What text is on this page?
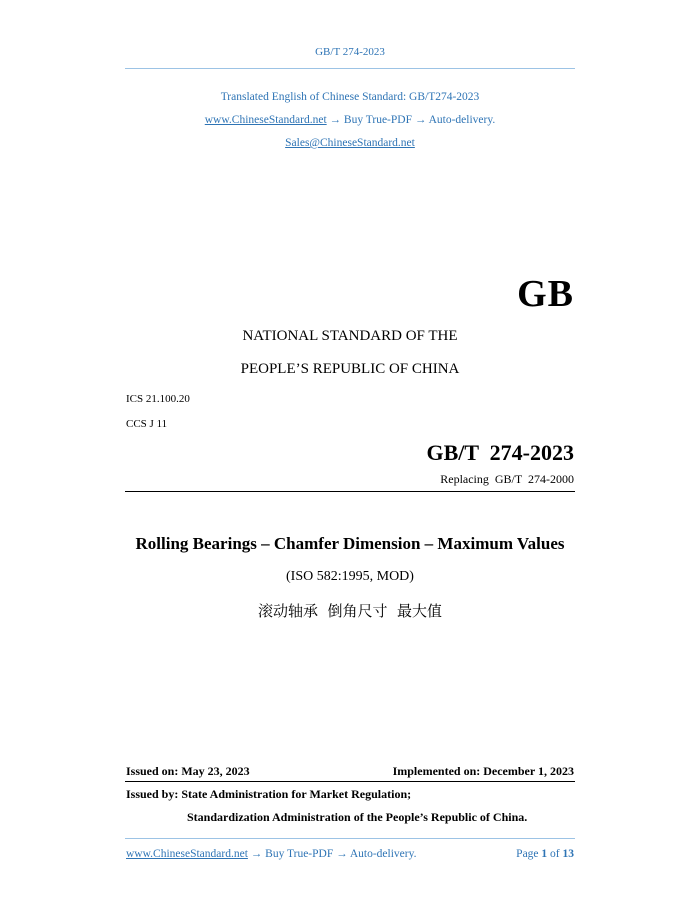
GB/T 274-2023
Translated English of Chinese Standard: GB/T274-2023
www.ChineseStandard.net → Buy True-PDF → Auto-delivery.
Sales@ChineseStandard.net
GB
NATIONAL STANDARD OF THE
PEOPLE’S REPUBLIC OF CHINA
ICS 21.100.20
CCS J 11
GB/T  274-2023
Replacing  GB/T  274-2000
Rolling Bearings – Chamfer Dimension – Maximum Values
(ISO 582:1995, MOD)
滚动轴承  倒角尺寸  最大值
Issued on: May 23, 2023	Implemented on: December 1, 2023
Issued by: State Administration for Market Regulation;
Standardization Administration of the People’s Republic of China.
www.ChineseStandard.net → Buy True-PDF → Auto-delivery.	Page 1 of 13
